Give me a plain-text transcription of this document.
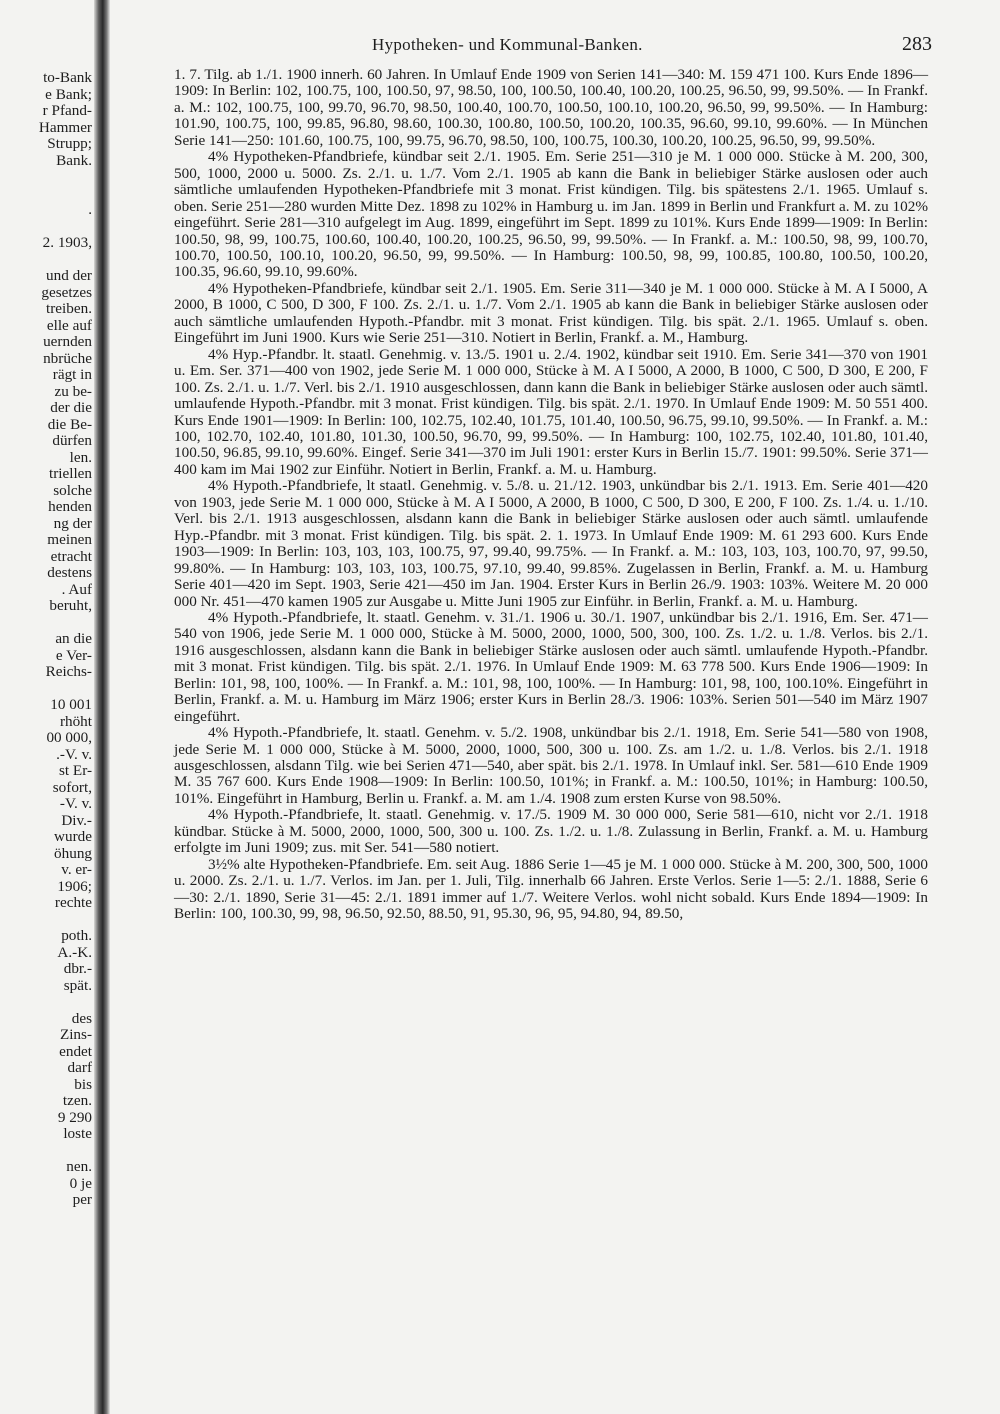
to-Bank
e Bank;
r Pfand-
Hammer
Strupp;
Bank.
.
2. 1903,
und der
gesetzes
treiben.
elle auf
uernden
nbrüche
rägt in
zu be-
der die
die Be-
dürfen
len.
triellen
solche
henden
ng der
meinen
etracht
destens
. Auf
beruht,
an die
e Ver-
Reichs-
10 001
rhöht
00 000,
.-V. v.
st Er-
sofort,
-V. v.
Div.-
wurde
öhung
v. er-
1906;
rechte
poth.
A.-K.
dbr.-
spät.
des
Zins-
endet
darf
bis
tzen.
9 290
loste
nen.
0 je
per
Hypotheken- und Kommunal-Banken.	283

1. 7. Tilg. ab 1./1. 1900 innerh. 60 Jahren. In Umlauf Ende 1909 von Serien 141—340: M. 159 471 100. Kurs Ende 1896—1909: In Berlin: 102, 100.75, 100, 100.50, 97, 98.50, 100, 100.50, 100.40, 100.20, 100.25, 96.50, 99, 99.50%. — In Frankf. a. M.: 102, 100.75, 100, 99.70, 96.70, 98.50, 100.40, 100.70, 100.50, 100.10, 100.20, 96.50, 99, 99.50%. — In Hamburg: 101.90, 100.75, 100, 99.85, 96.80, 98.60, 100.30, 100.80, 100.50, 100.20, 100.35, 96.60, 99.10, 99.60%. — In München Serie 141—250: 101.60, 100.75, 100, 99.75, 96.70, 98.50, 100, 100.75, 100.30, 100.20, 100.25, 96.50, 99, 99.50%.

4% Hypotheken-Pfandbriefe, kündbar seit 2./1. 1905. Em. Serie 251—310 je M. 1 000 000. Stücke à M. 200, 300, 500, 1000, 2000 u. 5000. Zs. 2./1. u. 1./7. Vom 2./1. 1905 ab kann die Bank in beliebiger Stärke auslosen oder auch sämtliche umlaufenden Hypotheken-Pfandbriefe mit 3 monat. Frist kündigen. Tilg. bis spätestens 2./1. 1965. Umlauf s. oben. Serie 251—280 wurden Mitte Dez. 1898 zu 102% in Hamburg u. im Jan. 1899 in Berlin und Frankfurt a. M. zu 102% eingeführt. Serie 281—310 aufgelegt im Aug. 1899, eingeführt im Sept. 1899 zu 101%. Kurs Ende 1899—1909: In Berlin: 100.50, 98, 99, 100.75, 100.60, 100.40, 100.20, 100.25, 96.50, 99, 99.50%. — In Frankf. a. M.: 100.50, 98, 99, 100.70, 100.70, 100.50, 100.10, 100.20, 96.50, 99, 99.50%. — In Hamburg: 100.50, 98, 99, 100.85, 100.80, 100.50, 100.20, 100.35, 96.60, 99.10, 99.60%.

4% Hypotheken-Pfandbriefe, kündbar seit 2./1. 1905. Em. Serie 311—340 je M. 1 000 000. Stücke à M. A I 5000, A 2000, B 1000, C 500, D 300, F 100. Zs. 2./1. u. 1./7. Vom 2./1. 1905 ab kann die Bank in beliebiger Stärke auslosen oder auch sämtliche umlaufenden Hypoth.-Pfandbr. mit 3 monat. Frist kündigen. Tilg. bis spät. 2./1. 1965. Umlauf s. oben. Eingeführt im Juni 1900. Kurs wie Serie 251—310. Notiert in Berlin, Frankf. a. M., Hamburg.

4% Hyp.-Pfandbr. lt. staatl. Genehmig. v. 13./5. 1901 u. 2./4. 1902, kündbar seit 1910. Em. Serie 341—370 von 1901 u. Em. Ser. 371—400 von 1902, jede Serie M. 1 000 000, Stücke à M. A I 5000, A 2000, B 1000, C 500, D 300, E 200, F 100. Zs. 2./1. u. 1./7. Verl. bis 2./1. 1910 ausgeschlossen, dann kann die Bank in beliebiger Stärke auslosen oder auch sämtl. umlaufende Hypoth.-Pfandbr. mit 3 monat. Frist kündigen. Tilg. bis spät. 2./1. 1970. In Umlauf Ende 1909: M. 50 551 400. Kurs Ende 1901—1909: In Berlin: 100, 102.75, 102.40, 101.75, 101.40, 100.50, 96.75, 99.10, 99.50%. — In Frankf. a. M.: 100, 102.70, 102.40, 101.80, 101.30, 100.50, 96.70, 99, 99.50%. — In Hamburg: 100, 102.75, 102.40, 101.80, 101.40, 100.50, 96.85, 99.10, 99.60%. Eingef. Serie 341—370 im Juli 1901: erster Kurs in Berlin 15./7. 1901: 99.50%. Serie 371—400 kam im Mai 1902 zur Einführ. Notiert in Berlin, Frankf. a. M. u. Hamburg.

4% Hypoth.-Pfandbriefe, lt staatl. Genehmig. v. 5./8. u. 21./12. 1903, unkündbar bis 2./1. 1913. Em. Serie 401—420 von 1903, jede Serie M. 1 000 000, Stücke à M. A I 5000, A 2000, B 1000, C 500, D 300, E 200, F 100. Zs. 1./4. u. 1./10. Verl. bis 2./1. 1913 ausgeschlossen, alsdann kann die Bank in beliebiger Stärke auslosen oder auch sämtl. umlaufende Hyp.-Pfandbr. mit 3 monat. Frist kündigen. Tilg. bis spät. 2. 1. 1973. In Umlauf Ende 1909: M. 61 293 600. Kurs Ende 1903—1909: In Berlin: 103, 103, 103, 100.75, 97, 99.40, 99.75%. — In Frankf. a. M.: 103, 103, 103, 100.70, 97, 99.50, 99.80%. — In Hamburg: 103, 103, 103, 100.75, 97.10, 99.40, 99.85%. Zugelassen in Berlin, Frankf. a. M. u. Hamburg Serie 401—420 im Sept. 1903, Serie 421—450 im Jan. 1904. Erster Kurs in Berlin 26./9. 1903: 103%. Weitere M. 20 000 000 Nr. 451—470 kamen 1905 zur Ausgabe u. Mitte Juni 1905 zur Einführ. in Berlin, Frankf. a. M. u. Hamburg.

4% Hypoth.-Pfandbriefe, lt. staatl. Genehm. v. 31./1. 1906 u. 30./1. 1907, unkündbar bis 2./1. 1916, Em. Ser. 471—540 von 1906, jede Serie M. 1 000 000, Stücke à M. 5000, 2000, 1000, 500, 300, 100. Zs. 1./2. u. 1./8. Verlos. bis 2./1. 1916 ausgeschlossen, alsdann kann die Bank in beliebiger Stärke auslosen oder auch sämtl. umlaufende Hypoth.-Pfandbr. mit 3 monat. Frist kündigen. Tilg. bis spät. 2./1. 1976. In Umlauf Ende 1909: M. 63 778 500. Kurs Ende 1906—1909: In Berlin: 101, 98, 100, 100%. — In Frankf. a. M.: 101, 98, 100, 100%. — In Hamburg: 101, 98, 100, 100.10%. Eingeführt in Berlin, Frankf. a. M. u. Hamburg im März 1906; erster Kurs in Berlin 28./3. 1906: 103%. Serien 501—540 im März 1907 eingeführt.

4% Hypoth.-Pfandbriefe, lt. staatl. Genehm. v. 5./2. 1908, unkündbar bis 2./1. 1918, Em. Serie 541—580 von 1908, jede Serie M. 1 000 000, Stücke à M. 5000, 2000, 1000, 500, 300 u. 100. Zs. am 1./2. u. 1./8. Verlos. bis 2./1. 1918 ausgeschlossen, alsdann Tilg. wie bei Serien 471—540, aber spät. bis 2./1. 1978. In Umlauf inkl. Ser. 581—610 Ende 1909 M. 35 767 600. Kurs Ende 1908—1909: In Berlin: 100.50, 101%; in Frankf. a. M.: 100.50, 101%; in Hamburg: 100.50, 101%. Eingeführt in Hamburg, Berlin u. Frankf. a. M. am 1./4. 1908 zum ersten Kurse von 98.50%.

4% Hypoth.-Pfandbriefe, lt. staatl. Genehmig. v. 17./5. 1909 M. 30 000 000, Serie 581—610, nicht vor 2./1. 1918 kündbar. Stücke à M. 5000, 2000, 1000, 500, 300 u. 100. Zs. 1./2. u. 1./8. Zulassung in Berlin, Frankf. a. M. u. Hamburg erfolgte im Juni 1909; zus. mit Ser. 541—580 notiert.

3½% alte Hypotheken-Pfandbriefe. Em. seit Aug. 1886 Serie 1—45 je M. 1 000 000. Stücke à M. 200, 300, 500, 1000 u. 2000. Zs. 2./1. u. 1./7. Verlos. im Jan. per 1. Juli, Tilg. innerhalb 66 Jahren. Erste Verlos. Serie 1—5: 2./1. 1888, Serie 6—30: 2./1. 1890, Serie 31—45: 2./1. 1891 immer auf 1./7. Weitere Verlos. wohl nicht sobald. Kurs Ende 1894—1909: In Berlin: 100, 100.30, 99, 98, 96.50, 92.50, 88.50, 91, 95.30, 96, 95, 94.80, 94, 89.50,
